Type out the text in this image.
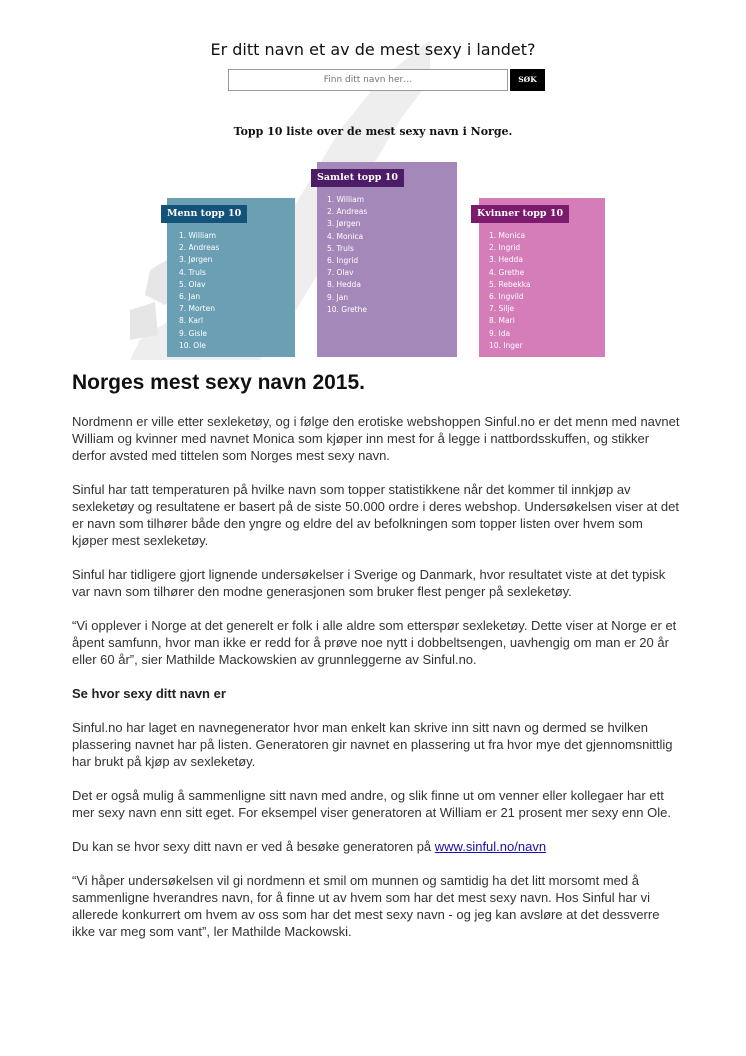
Er ditt navn et av de mest sexy i landet?
Finn ditt navn her…
SØK
Topp 10 liste over de mest sexy navn i Norge.
Menn topp 10
Samlet topp 10
Kvinner topp 10
1. William
2. Andreas
3. Jørgen
4. Truls
5. Olav
6. Jan
7. Morten
8. Karl
9. Gisle
10. Ole
1. William
2. Andreas
3. Jørgen
4. Monica
5. Truls
6. Ingrid
7. Olav
8. Hedda
9. Jan
10. Grethe
1. Monica
2. Ingrid
3. Hedda
4. Grethe
5. Rebekka
6. Ingvild
7. Silje
8. Mari
9. Ida
10. Inger
Norges mest sexy navn 2015.

Nordmenn er ville etter sexleketøy, og i følge den erotiske webshoppen Sinful.no er det menn med navnet William og kvinner med navnet Monica som kjøper inn mest for å legge i nattbordsskuffen, og stikker derfor avsted med tittelen som Norges mest sexy navn.

Sinful har tatt temperaturen på hvilke navn som topper statistikkene når det kommer til innkjøp av sexleketøy og resultatene er basert på de siste 50.000 ordre i deres webshop. Undersøkelsen viser at det er navn som tilhører både den yngre og eldre del av befolkningen som topper listen over hvem som kjøper mest sexleketøy.

Sinful har tidligere gjort lignende undersøkelser i Sverige og Danmark, hvor resultatet viste at det typisk var navn som tilhører den modne generasjonen som bruker flest penger på sexleketøy.

“Vi opplever i Norge at det generelt er folk i alle aldre som etterspør sexleketøy. Dette viser at Norge er et åpent samfunn, hvor man ikke er redd for å prøve noe nytt i dobbeltsengen, uavhengig om man er 20 år eller 60 år”, sier Mathilde Mackowskien av grunnleggerne av Sinful.no.

Se hvor sexy ditt navn er

Sinful.no har laget en navnegenerator hvor man enkelt kan skrive inn sitt navn og dermed se hvilken plassering navnet har på listen. Generatoren gir navnet en plassering ut fra hvor mye det gjennomsnittlig har brukt på kjøp av sexleketøy.

Det er også mulig å sammenligne sitt navn med andre, og slik finne ut om venner eller kollegaer har ett mer sexy navn enn sitt eget. For eksempel viser generatoren at William er 21 prosent mer sexy enn Ole.

Du kan se hvor sexy ditt navn er ved å besøke generatoren på www.sinful.no/navn

“Vi håper undersøkelsen vil gi nordmenn et smil om munnen og samtidig ha det litt morsomt med å sammenligne hverandres navn, for å finne ut av hvem som har det mest sexy navn. Hos Sinful har vi allerede konkurrert om hvem av oss som har det mest sexy navn - og jeg kan avsløre at det dessverre ikke var meg som vant”, ler Mathilde Mackowski.
